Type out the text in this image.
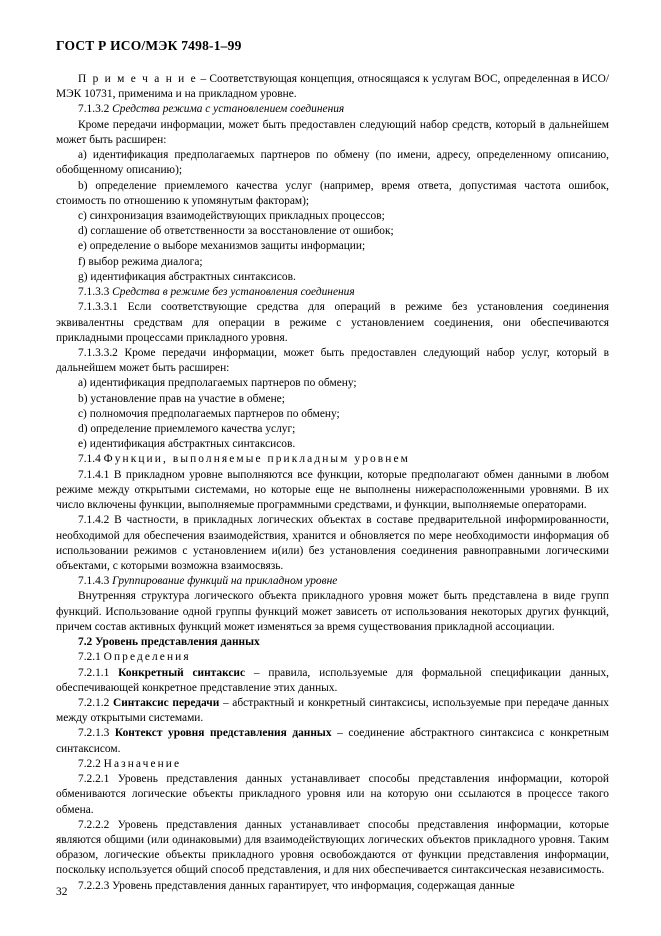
ГОСТ Р ИСО/МЭК 7498-1–99

П р и м е ч а н и е – Соответствующая концепция, относящаяся к услугам ВОС, определенная в ИСО/МЭК 10731, применима и на прикладном уровне.

7.1.3.2 Средства режима с установлением соединения

Кроме передачи информации, может быть предоставлен следующий набор средств, который в дальнейшем может быть расширен:

a) идентификация предполагаемых партнеров по обмену (по имени, адресу, определенному описанию, обобщенному описанию);

b) определение приемлемого качества услуг (например, время ответа, допустимая частота ошибок, стоимость по отношению к упомянутым факторам);

c) синхронизация взаимодействующих прикладных процессов;

d) соглашение об ответственности за восстановление от ошибок;

e) определение о выборе механизмов защиты информации;

f) выбор режима диалога;

g) идентификация абстрактных синтаксисов.

7.1.3.3 Средства в режиме без установления соединения

7.1.3.3.1 Если соответствующие средства для операций в режиме без установления соединения эквивалентны средствам для операции в режиме с установлением соединения, они обеспечиваются прикладными процессами прикладного уровня.

7.1.3.3.2 Кроме передачи информации, может быть предоставлен следующий набор услуг, который в дальнейшем может быть расширен:

a) идентификация предполагаемых партнеров по обмену;

b) установление прав на участие в обмене;

c) полномочия предполагаемых партнеров по обмену;

d) определение приемлемого качества услуг;

e) идентификация абстрактных синтаксисов.

7.1.4 Функции, выполняемые прикладным уровнем

7.1.4.1 В прикладном уровне выполняются все функции, которые предполагают обмен данными в любом режиме между открытыми системами, но которые еще не выполнены нижерасположенными уровнями. В их число включены функции, выполняемые программными средствами, и функции, выполняемые операторами.

7.1.4.2 В частности, в прикладных логических объектах в составе предварительной информированности, необходимой для обеспечения взаимодействия, хранится и обновляется по мере необходимости информация об использовании режимов с установлением и(или) без установления соединения равноправными логическими объектами, с которыми возможна взаимосвязь.

7.1.4.3 Группирование функций на прикладном уровне

Внутренняя структура логического объекта прикладного уровня может быть представлена в виде групп функций. Использование одной группы функций может зависеть от использования некоторых других функций, причем состав активных функций может изменяться за время существования прикладной ассоциации.

7.2 Уровень представления данных

7.2.1 Определения

7.2.1.1 Конкретный синтаксис – правила, используемые для формальной спецификации данных, обеспечивающей конкретное представление этих данных.

7.2.1.2 Синтаксис передачи – абстрактный и конкретный синтаксисы, используемые при передаче данных между открытыми системами.

7.2.1.3 Контекст уровня представления данных – соединение абстрактного синтаксиса с конкретным синтаксисом.

7.2.2 Назначение

7.2.2.1 Уровень представления данных устанавливает способы представления информации, которой обмениваются логические объекты прикладного уровня или на которую они ссылаются в процессе такого обмена.

7.2.2.2 Уровень представления данных устанавливает способы представления информации, которые являются общими (или одинаковыми) для взаимодействующих логических объектов прикладного уровня. Таким образом, логические объекты прикладного уровня освобождаются от функции представления информации, поскольку используется общий способ представления, и для них обеспечивается синтаксическая независимость.

7.2.2.3 Уровень представления данных гарантирует, что информация, содержащая данные

32
